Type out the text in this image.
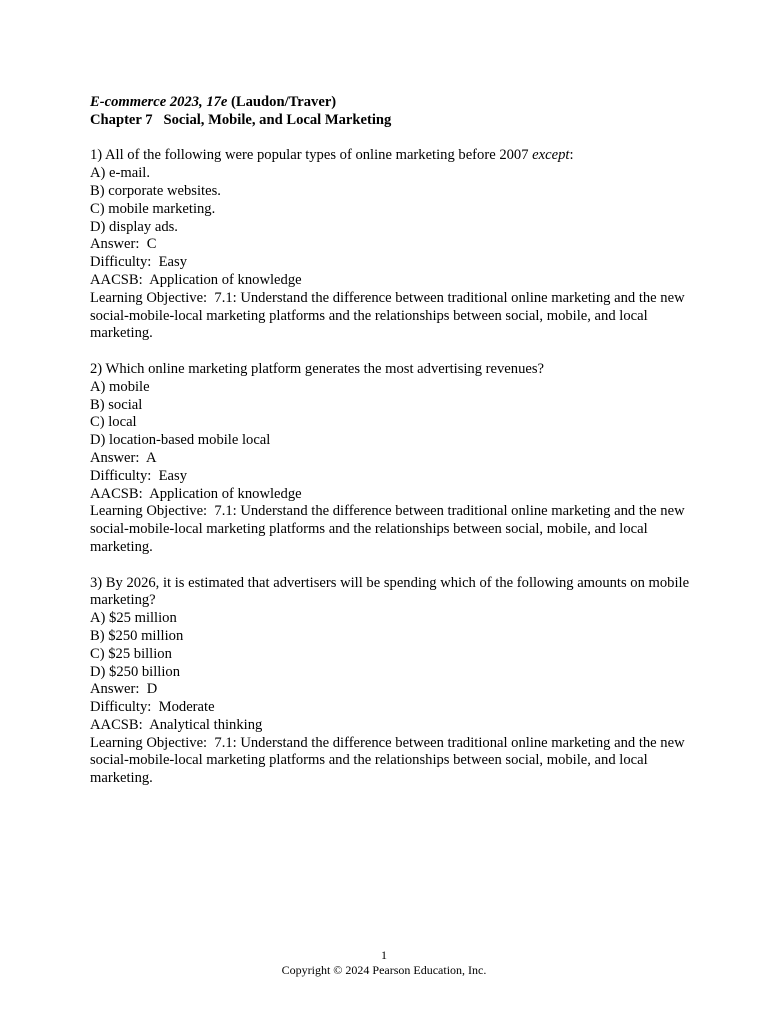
E-commerce 2023, 17e (Laudon/Traver)
Chapter 7   Social, Mobile, and Local Marketing
1) All of the following were popular types of online marketing before 2007 except:
A) e-mail.
B) corporate websites.
C) mobile marketing.
D) display ads.
Answer:  C
Difficulty:  Easy
AACSB:  Application of knowledge
Learning Objective:  7.1: Understand the difference between traditional online marketing and the new social-mobile-local marketing platforms and the relationships between social, mobile, and local marketing.
2) Which online marketing platform generates the most advertising revenues?
A) mobile
B) social
C) local
D) location-based mobile local
Answer:  A
Difficulty:  Easy
AACSB:  Application of knowledge
Learning Objective:  7.1: Understand the difference between traditional online marketing and the new social-mobile-local marketing platforms and the relationships between social, mobile, and local marketing.
3) By 2026, it is estimated that advertisers will be spending which of the following amounts on mobile marketing?
A) $25 million
B) $250 million
C) $25 billion
D) $250 billion
Answer:  D
Difficulty:  Moderate
AACSB:  Analytical thinking
Learning Objective:  7.1: Understand the difference between traditional online marketing and the new social-mobile-local marketing platforms and the relationships between social, mobile, and local marketing.
1
Copyright © 2024 Pearson Education, Inc.
